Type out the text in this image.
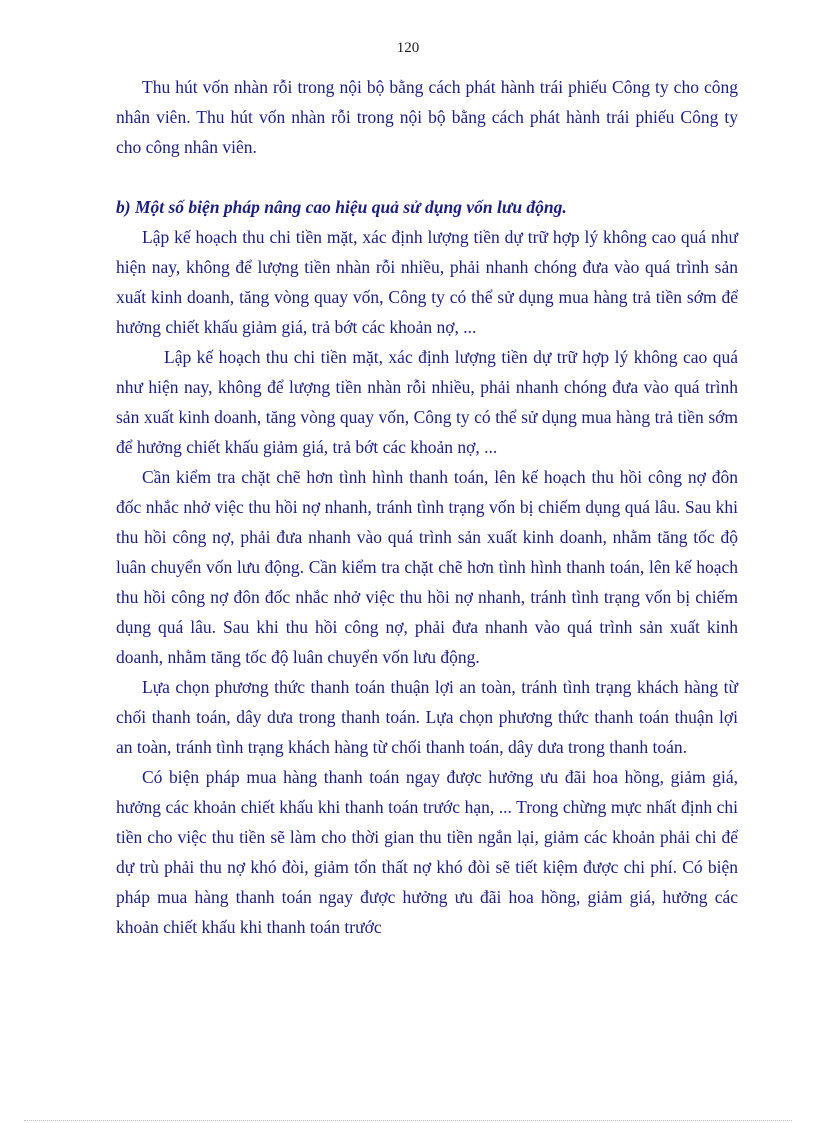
120

Thu hút vốn nhàn rỗi trong nội bộ bằng cách phát hành trái phiếu Công ty cho công nhân viên. Thu hút vốn nhàn rỗi trong nội bộ bằng cách phát hành trái phiếu Công ty cho công nhân viên.

b) Một số biện pháp nâng cao hiệu quả sử dụng vốn lưu động.

Lập kế hoạch thu chi tiền mặt, xác định lượng tiền dự trữ hợp lý không cao quá như hiện nay, không để lượng tiền nhàn rỗi nhiều, phải nhanh chóng đưa vào quá trình sản xuất kinh doanh, tăng vòng quay vốn, Công ty có thể sử dụng mua hàng trả tiền sớm để hưởng chiết khấu giảm giá, trả bớt các khoản nợ, ...

Lập kế hoạch thu chi tiền mặt, xác định lượng tiền dự trữ hợp lý không cao quá như hiện nay, không để lượng tiền nhàn rỗi nhiều, phải nhanh chóng đưa vào quá trình sản xuất kinh doanh, tăng vòng quay vốn, Công ty có thể sử dụng mua hàng trả tiền sớm để hưởng chiết khấu giảm giá, trả bớt các khoản nợ, ...

Cần kiểm tra chặt chẽ hơn tình hình thanh toán, lên kế hoạch thu hồi công nợ đôn đốc nhắc nhở việc thu hồi nợ nhanh, tránh tình trạng vốn bị chiếm dụng quá lâu. Sau khi thu hồi công nợ, phải đưa nhanh vào quá trình sản xuất kinh doanh, nhằm tăng tốc độ luân chuyển vốn lưu động. Cần kiểm tra chặt chẽ hơn tình hình thanh toán, lên kế hoạch thu hồi công nợ đôn đốc nhắc nhở việc thu hồi nợ nhanh, tránh tình trạng vốn bị chiếm dụng quá lâu. Sau khi thu hồi công nợ, phải đưa nhanh vào quá trình sản xuất kinh doanh, nhằm tăng tốc độ luân chuyển vốn lưu động.

Lựa chọn phương thức thanh toán thuận lợi an toàn, tránh tình trạng khách hàng từ chối thanh toán, dây dưa trong thanh toán. Lựa chọn phương thức thanh toán thuận lợi an toàn, tránh tình trạng khách hàng từ chối thanh toán, dây dưa trong thanh toán.

Có biện pháp mua hàng thanh toán ngay được hưởng ưu đãi hoa hồng, giảm giá, hưởng các khoản chiết khấu khi thanh toán trước hạn, ... Trong chừng mực nhất định chi tiền cho việc thu tiền sẽ làm cho thời gian thu tiền ngắn lại, giảm các khoản phải chi để dự trù phải thu nợ khó đòi, giảm tổn thất nợ khó đòi sẽ tiết kiệm được chi phí. Có biện pháp mua hàng thanh toán ngay được hưởng ưu đãi hoa hồng, giảm giá, hưởng các khoản chiết khấu khi thanh toán trước
